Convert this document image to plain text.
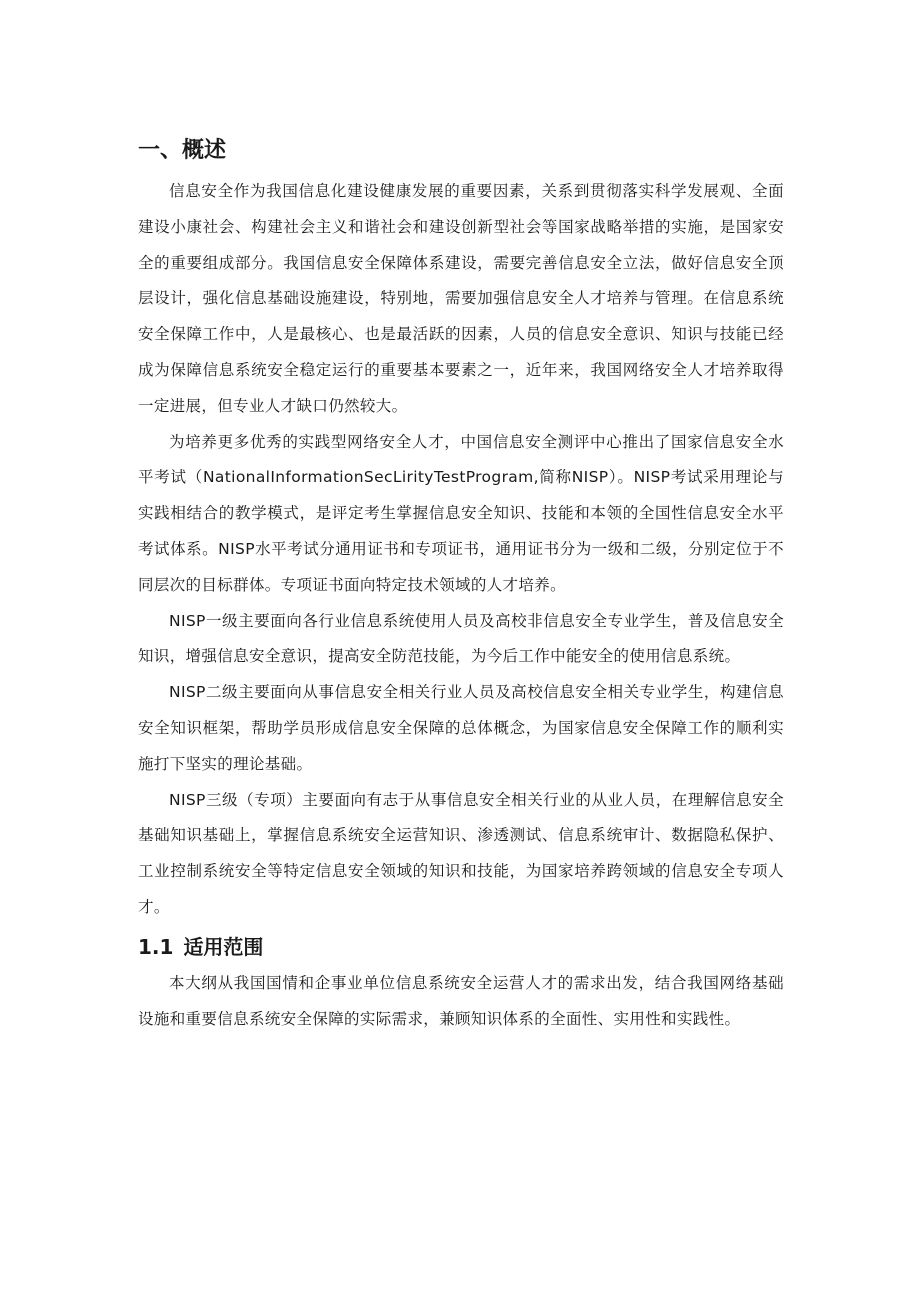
一、概述

信息安全作为我国信息化建设健康发展的重要因素，关系到贯彻落实科学发展观、全面建设小康社会、构建社会主义和谐社会和建设创新型社会等国家战略举措的实施，是国家安全的重要组成部分。我国信息安全保障体系建设，需要完善信息安全立法，做好信息安全顶层设计，强化信息基础设施建设，特别地，需要加强信息安全人才培养与管理。在信息系统安全保障工作中，人是最核心、也是最活跃的因素，人员的信息安全意识、知识与技能已经成为保障信息系统安全稳定运行的重要基本要素之一，近年来，我国网络安全人才培养取得一定进展，但专业人才缺口仍然较大。

为培养更多优秀的实践型网络安全人才，中国信息安全测评中心推出了国家信息安全水平考试（NationalInformationSecLirityTestProgram,简称NISP）。NISP考试采用理论与实践相结合的教学模式，是评定考生掌握信息安全知识、技能和本领的全国性信息安全水平考试体系。NISP水平考试分通用证书和专项证书，通用证书分为一级和二级，分别定位于不同层次的目标群体。专项证书面向特定技术领域的人才培养。

NISP一级主要面向各行业信息系统使用人员及高校非信息安全专业学生，普及信息安全知识，增强信息安全意识，提高安全防范技能，为今后工作中能安全的使用信息系统。

NISP二级主要面向从事信息安全相关行业人员及高校信息安全相关专业学生，构建信息安全知识框架，帮助学员形成信息安全保障的总体概念，为国家信息安全保障工作的顺利实施打下坚实的理论基础。

NISP三级（专项）主要面向有志于从事信息安全相关行业的从业人员，在理解信息安全基础知识基础上，掌握信息系统安全运营知识、渗透测试、信息系统审计、数据隐私保护、工业控制系统安全等特定信息安全领域的知识和技能，为国家培养跨领域的信息安全专项人才。

1.1 适用范围

本大纲从我国国情和企事业单位信息系统安全运营人才的需求出发，结合我国网络基础设施和重要信息系统安全保障的实际需求，兼顾知识体系的全面性、实用性和实践性。
